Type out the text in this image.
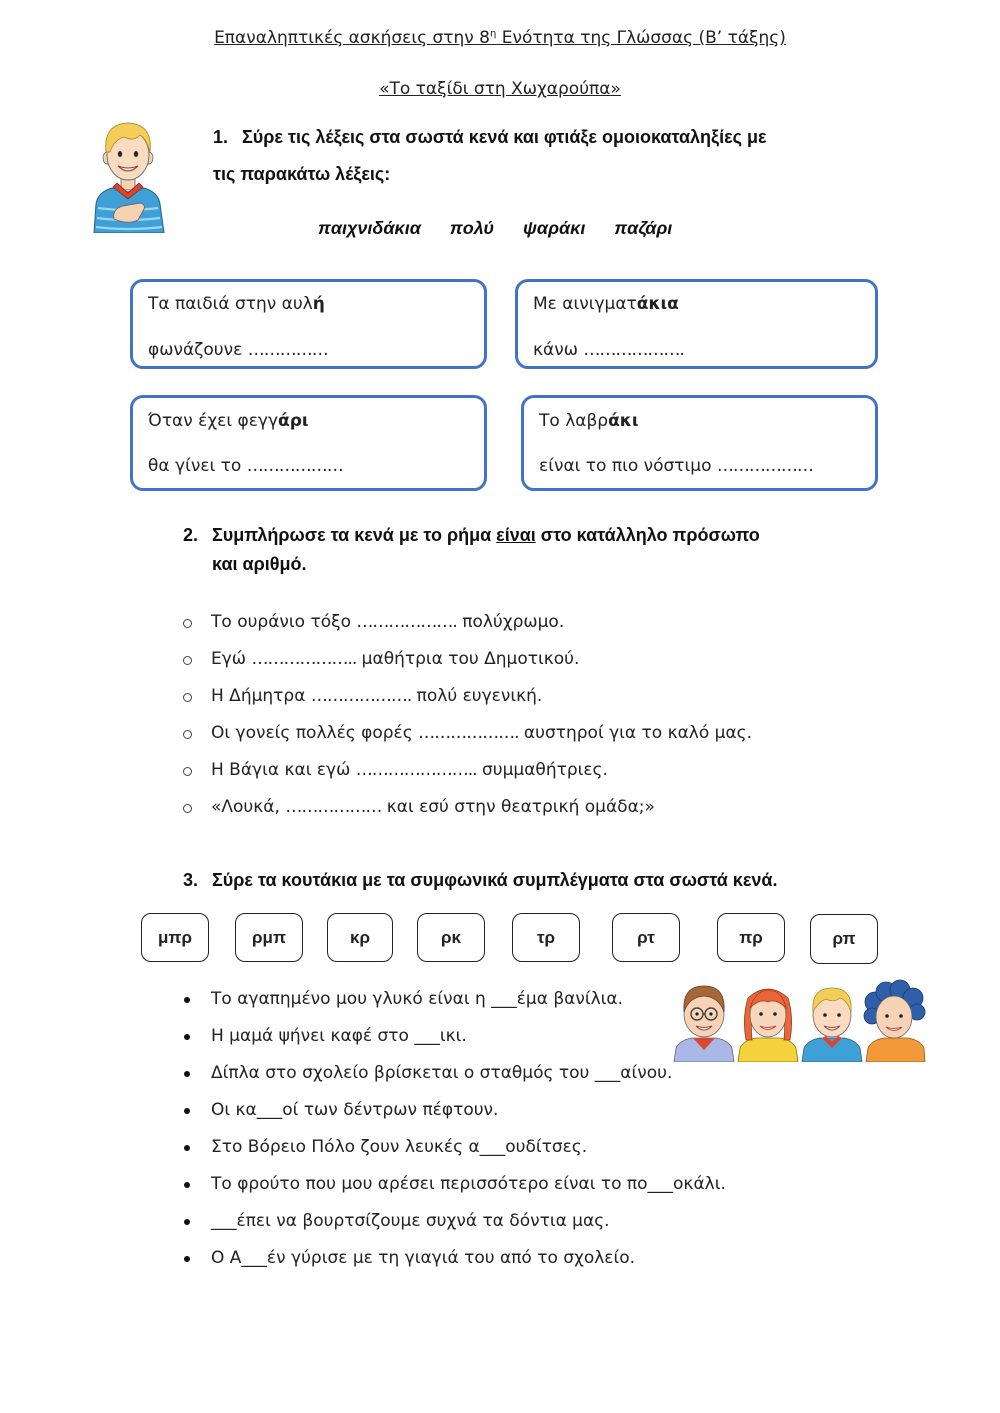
Επαναληπτικές ασκήσεις στην $8^\eta$ Ενότητα της Γλώσσας (Β’ τάξης)
«Το ταξίδι στη Χωχαρούπα»
1. Σύρε τις λέξεις στα σωστά κενά και φτιάξε ομοιοκαταληξίες με
τις παρακάτω λέξεις:
παιχνιδάκια πολύ ψαράκι παζάρι
Τα παιδιά στην αυλή
φωνάζουνε ……………
Με αινιγματάκια
κάνω ……………….
Όταν έχει φεγγάρι
θα γίνει το ………………
Το λαβράκι
είναι το πιο νόστιμο ………………
2. Συμπλήρωσε τα κενά με το ρήμα είναι στο κατάλληλο πρόσωπο
και αριθμό.
Το ουράνιο τόξο ………………. πολύχρωμο.
Εγώ ……………….. μαθήτρια του Δημοτικού.
Η Δήμητρα ………………. πολύ ευγενική.
Οι γονείς πολλές φορές ………………. αυστηροί για το καλό μας.
Η Βάγια και εγώ ………………….. συμμαθήτριες.
«Λουκά, ……………… και εσύ στην θεατρική ομάδα;»
3. Σύρε τα κουτάκια με τα συμφωνικά συμπλέγματα στα σωστά κενά.
μπρ	ρμπ	κρ	ρκ	τρ	ρτ	πρ	ρπ
Το αγαπημένο μου γλυκό είναι η ___έμα βανίλια.
Η μαμά ψήνει καφέ στο ___ικι.
Δίπλα στο σχολείο βρίσκεται ο σταθμός του ___αίνου.
Οι κα___οί των δέντρων πέφτουν.
Στο Βόρειο Πόλο ζουν λευκές α___ουδίτσες.
Το φρούτο που μου αρέσει περισσότερο είναι το πο___οκάλι.
___έπει να βουρτσίζουμε συχνά τα δόντια μας.
Ο Α___έν γύρισε με τη γιαγιά του από το σχολείο.
